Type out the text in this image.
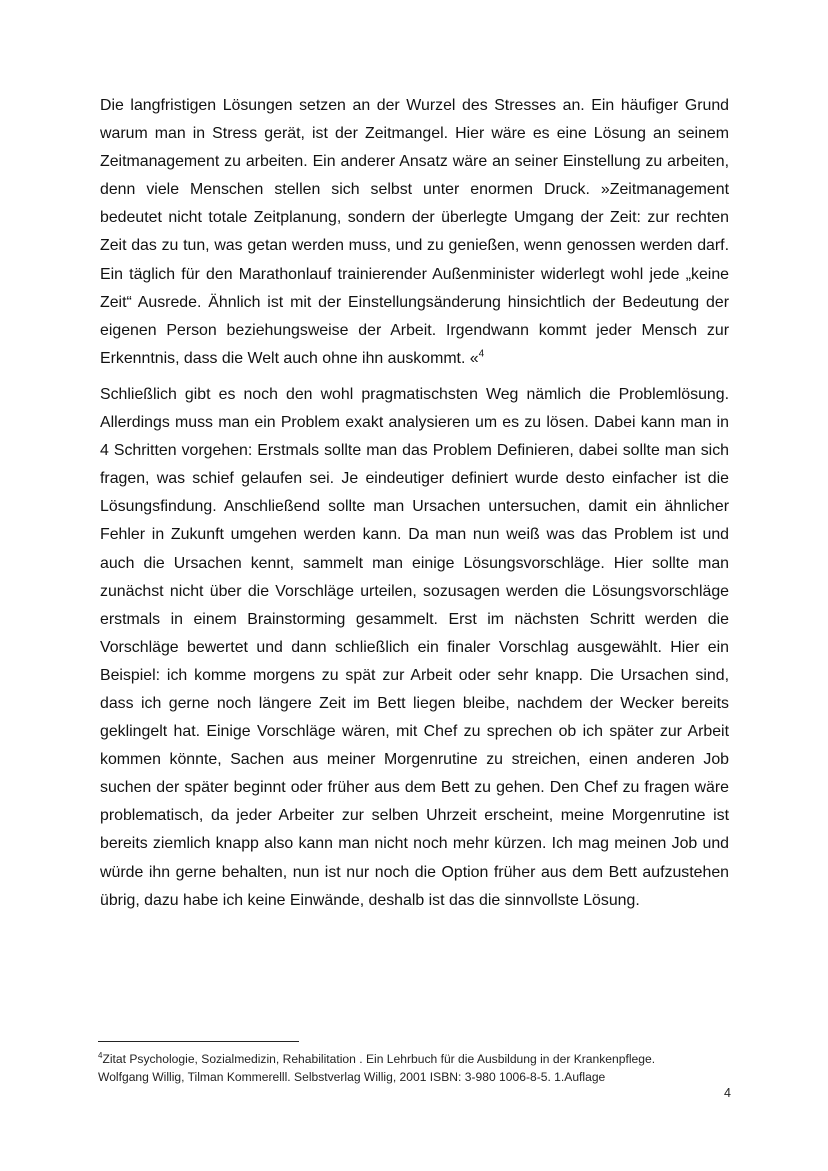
Die langfristigen Lösungen setzen an der Wurzel des Stresses an. Ein häufiger Grund warum man in Stress gerät, ist der Zeitmangel. Hier wäre es eine Lösung an seinem Zeitmanagement zu arbeiten. Ein anderer Ansatz wäre an seiner Einstellung zu arbeiten, denn viele Menschen stellen sich selbst unter enormen Druck. »Zeitmanagement bedeutet nicht totale Zeitplanung, sondern der überlegte Umgang der Zeit: zur rechten Zeit das zu tun, was getan werden muss, und zu genießen, wenn genossen werden darf. Ein täglich für den Marathonlauf trainierender Außenminister widerlegt wohl jede „keine Zeit“ Ausrede. Ähnlich ist mit der Einstellungsänderung hinsichtlich der Bedeutung der eigenen Person beziehungsweise der Arbeit. Irgendwann kommt jeder Mensch zur Erkenntnis, dass die Welt auch ohne ihn auskommt. «$^4$

Schließlich gibt es noch den wohl pragmatischsten Weg nämlich die Problemlösung. Allerdings muss man ein Problem exakt analysieren um es zu lösen. Dabei kann man in 4 Schritten vorgehen: Erstmals sollte man das Problem Definieren, dabei sollte man sich fragen, was schief gelaufen sei. Je eindeutiger definiert wurde desto einfacher ist die Lösungsfindung. Anschließend sollte man Ursachen untersuchen, damit ein ähnlicher Fehler in Zukunft umgehen werden kann. Da man nun weiß was das Problem ist und auch die Ursachen kennt, sammelt man einige Lösungsvorschläge. Hier sollte man zunächst nicht über die Vorschläge urteilen, sozusagen werden die Lösungsvorschläge erstmals in einem Brainstorming gesammelt. Erst im nächsten Schritt werden die Vorschläge bewertet und dann schließlich ein finaler Vorschlag ausgewählt. Hier ein Beispiel: ich komme morgens zu spät zur Arbeit oder sehr knapp. Die Ursachen sind, dass ich gerne noch längere Zeit im Bett liegen bleibe, nachdem der Wecker bereits geklingelt hat. Einige Vorschläge wären, mit Chef zu sprechen ob ich später zur Arbeit kommen könnte, Sachen aus meiner Morgenrutine zu streichen, einen anderen Job suchen der später beginnt oder früher aus dem Bett zu gehen. Den Chef zu fragen wäre problematisch, da jeder Arbeiter zur selben Uhrzeit erscheint, meine Morgenrutine ist bereits ziemlich knapp also kann man nicht noch mehr kürzen. Ich mag meinen Job und würde ihn gerne behalten, nun ist nur noch die Option früher aus dem Bett aufzustehen übrig, dazu habe ich keine Einwände, deshalb ist das die sinnvollste Lösung.

$^4$Zitat Psychologie, Sozialmedizin, Rehabilitation . Ein Lehrbuch für die Ausbildung in der Krankenpflege.
Wolfgang Willig, Tilman Kommerelll. Selbstverlag Willig, 2001 ISBN: 3-980 1006-8-5. 1.Auflage
4
